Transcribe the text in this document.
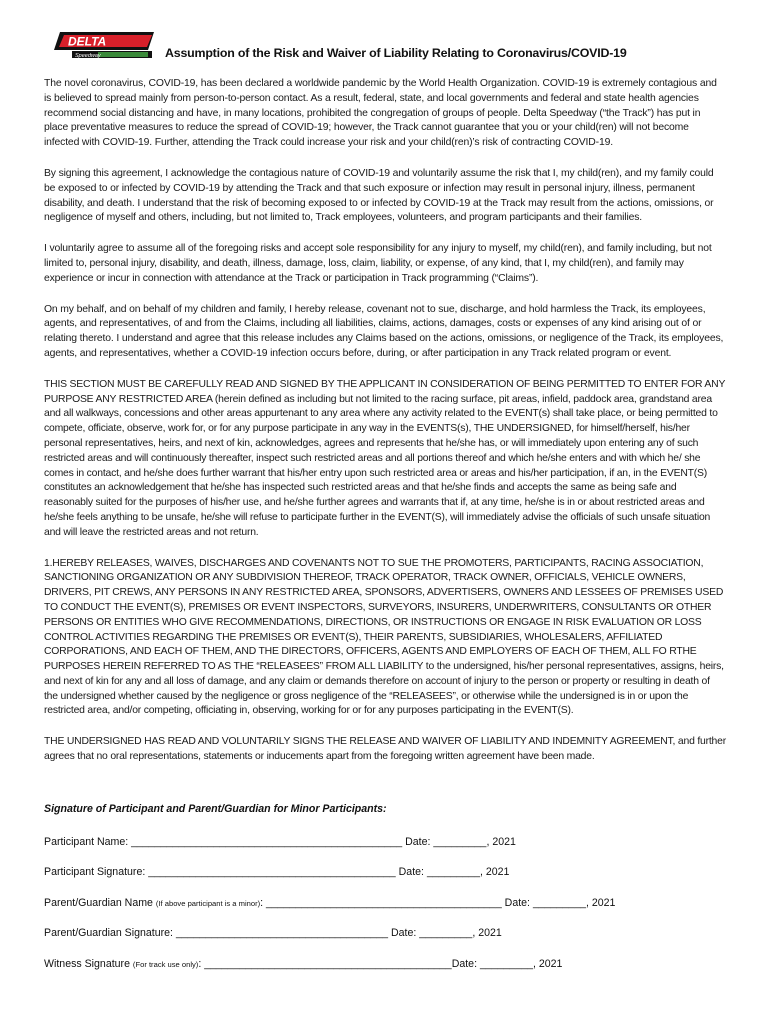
DELTA
Speedway	Assumption of the Risk and Waiver of Liability Relating to Coronavirus/COVID-19

The novel coronavirus, COVID-19, has been declared a worldwide pandemic by the World Health Organization. COVID-19 is extremely contagious and is believed to spread mainly from person-to-person contact. As a result, federal, state, and local governments and federal and state health agencies recommend social distancing and have, in many locations, prohibited the congregation of groups of people. Delta Speedway (“the Track”) has put in place preventative measures to reduce the spread of COVID-19; however, the Track cannot guarantee that you or your child(ren) will not become infected with COVID-19. Further, attending the Track could increase your risk and your child(ren)’s risk of contracting COVID-19.

By signing this agreement, I acknowledge the contagious nature of COVID-19 and voluntarily assume the risk that I, my child(ren), and my family could be exposed to or infected by COVID-19 by attending the Track and that such exposure or infection may result in personal injury, illness, permanent disability, and death. I understand that the risk of becoming exposed to or infected by COVID-19 at the Track may result from the actions, omissions, or negligence of myself and others, including, but not limited to, Track employees, volunteers, and program participants and their families.

I voluntarily agree to assume all of the foregoing risks and accept sole responsibility for any injury to myself, my child(ren), and family including, but not limited to, personal injury, disability, and death, illness, damage, loss, claim, liability, or expense, of any kind, that I, my child(ren), and family may experience or incur in connection with attendance at the Track or participation in Track programming (“Claims”).

On my behalf, and on behalf of my children and family, I hereby release, covenant not to sue, discharge, and hold harmless the Track, its employees, agents, and representatives, of and from the Claims, including all liabilities, claims, actions, damages, costs or expenses of any kind arising out of or relating thereto. I understand and agree that this release includes any Claims based on the actions, omissions, or negligence of the Track, its employees, agents, and representatives, whether a COVID-19 infection occurs before, during, or after participation in any Track related program or event.

THIS SECTION MUST BE CAREFULLY READ AND SIGNED BY THE APPLICANT IN CONSIDERATION OF BEING PERMITTED TO ENTER FOR ANY PURPOSE ANY RESTRICTED AREA (herein defined as including but not limited to the racing surface, pit areas, infield, paddock area, grandstand area and all walkways, concessions and other areas appurtenant to any area where any activity related to the EVENT(s) shall take place, or being permitted to compete, officiate, observe, work for, or for any purpose participate in any way in the EVENTS(s), THE UNDERSIGNED, for himself/herself, his/her personal representatives, heirs, and next of kin, acknowledges, agrees and represents that he/she has, or will immediately upon entering any of such restricted areas and will continuously thereafter, inspect such restricted areas and all portions thereof and which he/she enters and with which he/ she comes in contact, and he/she does further warrant that his/her entry upon such restricted area or areas and his/her participation, if an, in the EVENT(S) constitutes an acknowledgement that he/she has inspected such restricted areas and that he/she finds and accepts the same as being safe and reasonably suited for the purposes of his/her use, and he/she further agrees and warrants that if, at any time, he/she is in or about restricted areas and he/she feels anything to be unsafe, he/she will refuse to participate further in the EVENT(S), will immediately advise the officials of such unsafe situation and will leave the restricted areas and not return.

1.HEREBY RELEASES, WAIVES, DISCHARGES AND COVENANTS NOT TO SUE THE PROMOTERS, PARTICIPANTS, RACING ASSOCIATION, SANCTIONING ORGANIZATION OR ANY SUBDIVISION THEREOF, TRACK OPERATOR, TRACK OWNER, OFFICIALS, VEHICLE OWNERS, DRIVERS, PIT CREWS, ANY PERSONS IN ANY RESTRICTED AREA, SPONSORS, ADVERTISERS, OWNERS AND LESSEES OF PREMISES USED TO CONDUCT THE EVENT(S), PREMISES OR EVENT INSPECTORS, SURVEYORS, INSURERS, UNDERWRITERS, CONSULTANTS OR OTHER PERSONS OR ENTITIES WHO GIVE RECOMMENDATIONS, DIRECTIONS, OR INSTRUCTIONS OR ENGAGE IN RISK EVALUATION OR LOSS CONTROL ACTIVITIES REGARDING THE PREMISES OR EVENT(S), THEIR PARENTS, SUBSIDIARIES, WHOLESALERS, AFFILIATED CORPORATIONS, AND EACH OF THEM, AND THE DIRECTORS, OFFICERS, AGENTS AND EMPLOYERS OF EACH OF THEM, ALL FO RTHE PURPOSES HEREIN REFERRED TO AS THE “RELEASEES” FROM ALL LIABILITY to the undersigned, his/her personal representatives, assigns, heirs, and next of kin for any and all loss of damage, and any claim or demands therefore on account of injury to the person or property or resulting in death of the undersigned whether caused by the negligence or gross negligence of the “RELEASEES”, or otherwise while the undersigned is in or upon the restricted area, and/or competing, officiating in, observing, working for or for any purposes participating in the EVENT(S).

THE UNDERSIGNED HAS READ AND VOLUNTARILY SIGNS THE RELEASE AND WAIVER OF LIABILITY AND INDEMNITY AGREEMENT, and further agrees that no oral representations, statements or inducements apart from the foregoing written agreement have been made.

Signature of Participant and Parent/Guardian for Minor Participants:
Participant Name: ______________________________________________ Date: _________, 2021
Participant Signature: __________________________________________ Date: _________, 2021
Parent/Guardian Name (If above participant is a minor): ________________________________________ Date: _________, 2021
Parent/Guardian Signature: ____________________________________ Date: _________, 2021
Witness Signature (For track use only): __________________________________________Date: _________, 2021
